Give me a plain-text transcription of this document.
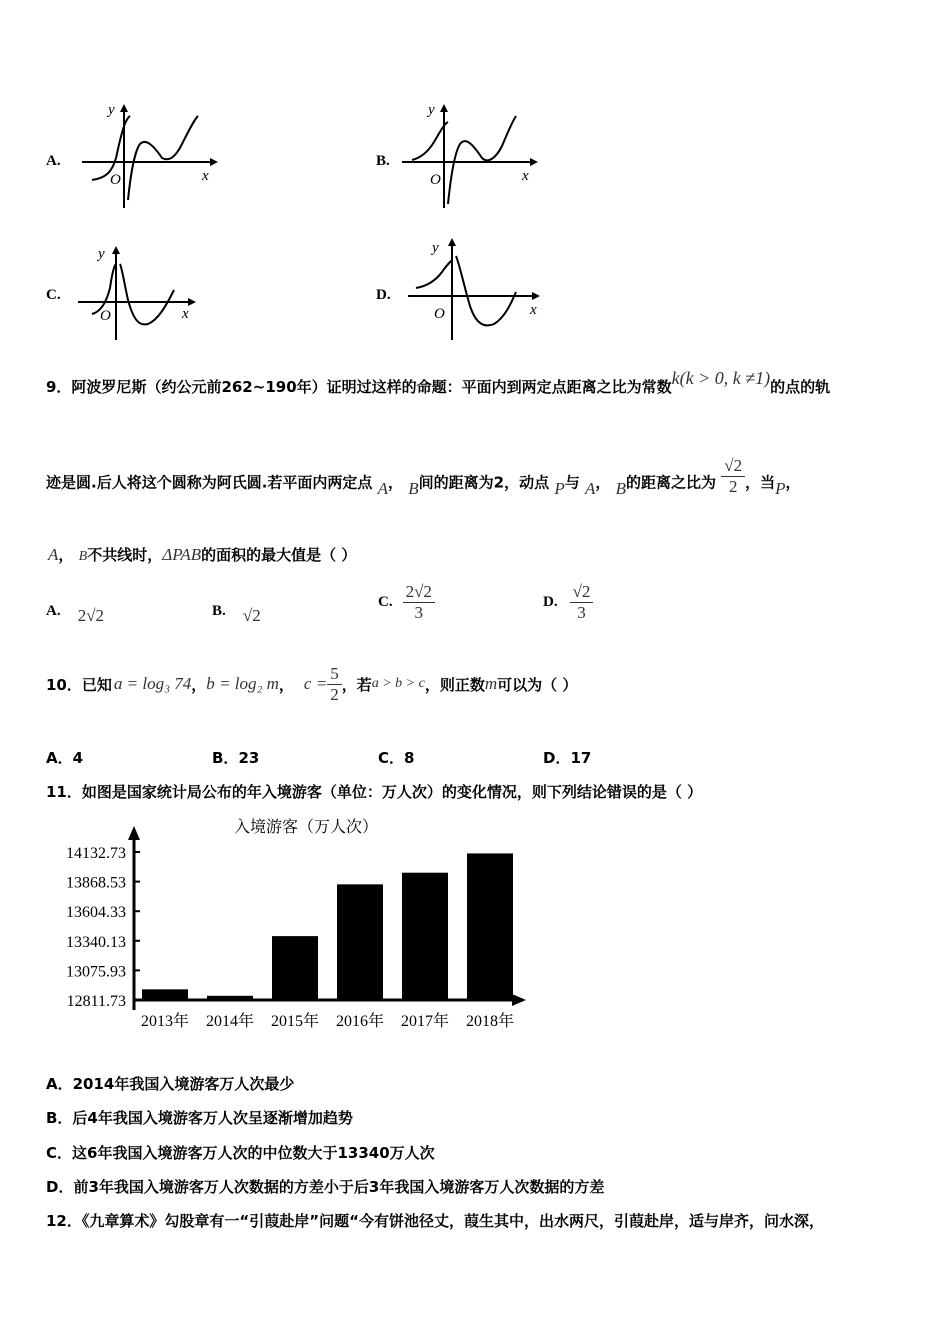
A.
y
x
O
B.
y
x
O
C.
y
x
O
D.
y
x
O
9．阿波罗尼斯（约公元前262~190年）证明过这样的命题：平面内到两定点距离之比为常数k(k > 0, k ≠1)的点的轨
迹是圆.后人将这个圆称为阿氏圆.若平面内两定点 A， B间的距离为2，动点 P与 A， B的距离之比为 $\frac{√2}{2}$ ，当P，
A， B不共线时，ΔPAB的面积的最大值是（ ）
A. 2√2	B. √2
C. $\frac{2√2}{3}$	D. $\frac{√2}{3}$
10．已知 a = log₃ 74 ， b = log₂ m ， $c = \frac{5}{2}$ ，若 a > b > c ，则正数 m 可以为（ ）
A．4	B．23	C．8	D．17
11．如图是国家统计局公布的年入境游客（单位：万人次）的变化情况，则下列结论错误的是（ ）
入境游客（万人次）
14132.73
13868.53
13604.33
13340.13
13075.93
12811.73
2013年 2014年 2015年 2016年 2017年 2018年
A．2014年我国入境游客万人次最少
B．后4年我国入境游客万人次呈逐渐增加趋势
C．这6年我国入境游客万人次的中位数大于13340万人次
D．前3年我国入境游客万人次数据的方差小于后3年我国入境游客万人次数据的方差
12．《九章算术》勾股章有一“引葭赴岸”问题“今有饼池径丈，葭生其中，出水两尺，引葭赴岸，适与岸齐，问水深，
